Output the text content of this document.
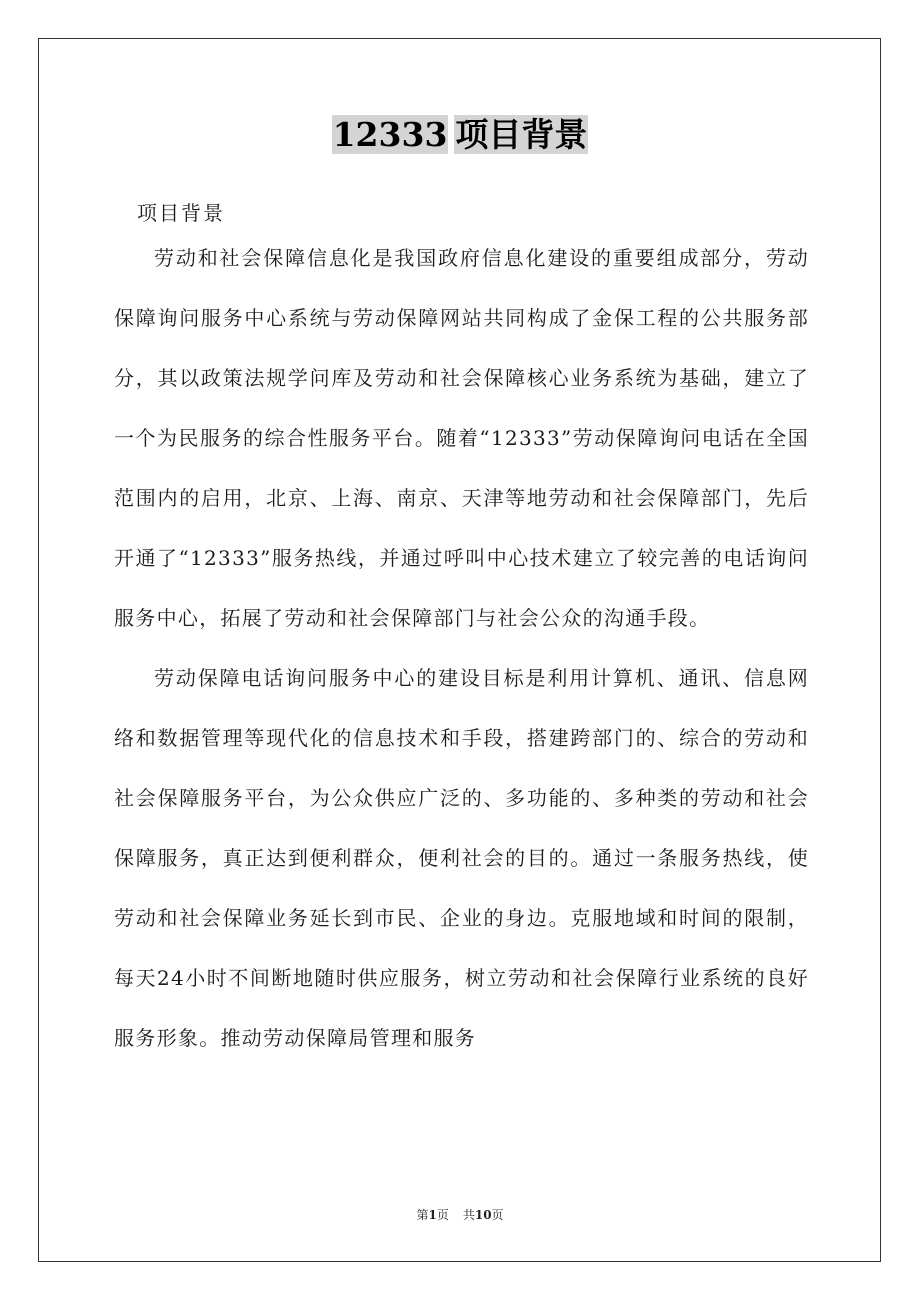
12333 项目背景
项目背景

劳动和社会保障信息化是我国政府信息化建设的重要组成部分，劳动保障询问服务中心系统与劳动保障网站共同构成了金保工程的公共服务部分，其以政策法规学问库及劳动和社会保障核心业务系统为基础，建立了一个为民服务的综合性服务平台。随着“12333”劳动保障询问电话在全国范围内的启用，北京、上海、南京、天津等地劳动和社会保障部门，先后开通了“12333”服务热线，并通过呼叫中心技术建立了较完善的电话询问服务中心，拓展了劳动和社会保障部门与社会公众的沟通手段。

劳动保障电话询问服务中心的建设目标是利用计算机、通讯、信息网络和数据管理等现代化的信息技术和手段，搭建跨部门的、综合的劳动和社会保障服务平台，为公众供应广泛的、多功能的、多种类的劳动和社会保障服务，真正达到便利群众，便利社会的目的。通过一条服务热线，使劳动和社会保障业务延长到市民、企业的身边。克服地域和时间的限制，每天24小时不间断地随时供应服务，树立劳动和社会保障行业系统的良好服务形象。推动劳动保障局管理和服务

第1页 共10页
